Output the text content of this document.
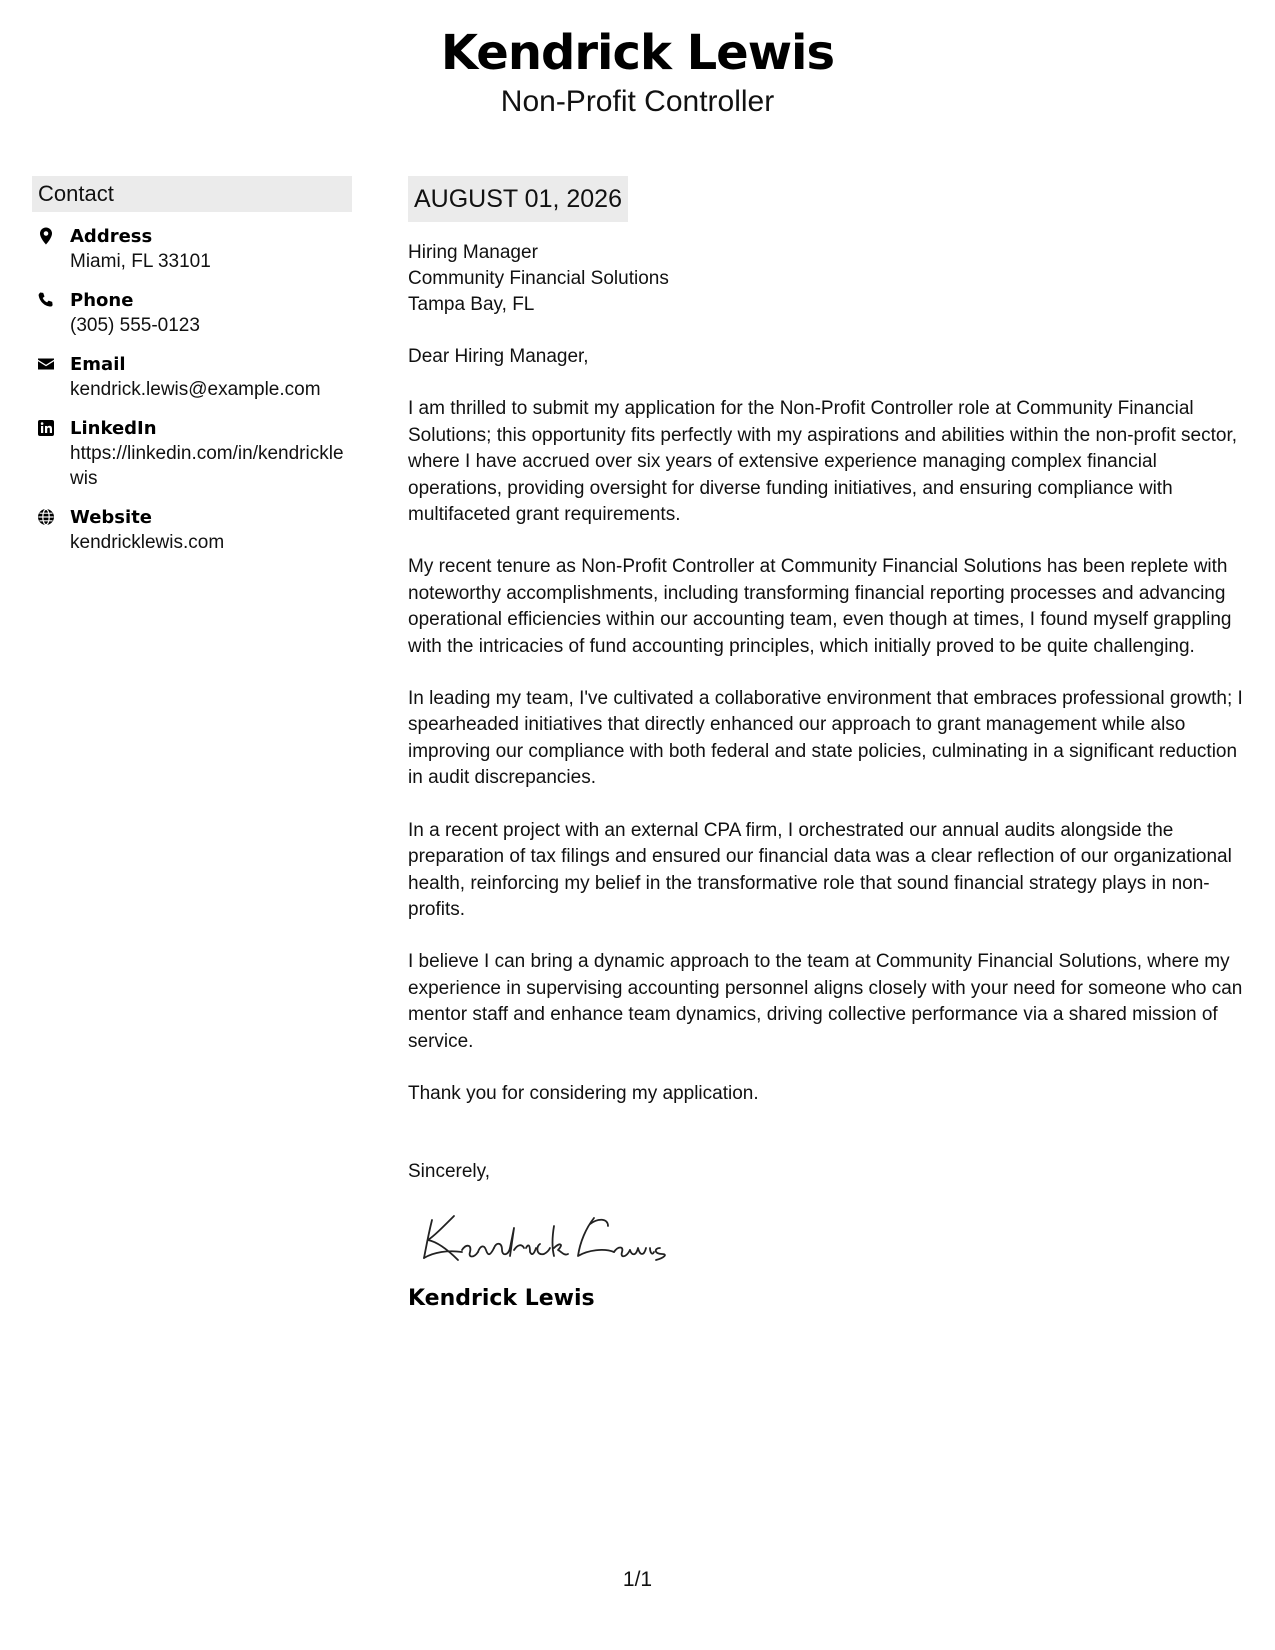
Kendrick Lewis

Non-Profit Controller

Contact
Address
Miami, FL 33101
Phone
(305) 555-0123
Email
kendrick.lewis@example.com
LinkedIn
https://linkedin.com/in/kendricklewis
Website
kendricklewis.com
AUGUST 01, 2026

Hiring Manager

Community Financial Solutions

Tampa Bay, FL

Dear Hiring Manager,

I am thrilled to submit my application for the Non-Profit Controller role at Community Financial Solutions; this opportunity fits perfectly with my aspirations and abilities within the non-profit sector, where I have accrued over six years of extensive experience managing complex financial operations, providing oversight for diverse funding initiatives, and ensuring compliance with multifaceted grant requirements.

My recent tenure as Non-Profit Controller at Community Financial Solutions has been replete with noteworthy accomplishments, including transforming financial reporting processes and advancing operational efficiencies within our accounting team, even though at times, I found myself grappling with the intricacies of fund accounting principles, which initially proved to be quite challenging.

In leading my team, I've cultivated a collaborative environment that embraces professional growth; I spearheaded initiatives that directly enhanced our approach to grant management while also improving our compliance with both federal and state policies, culminating in a significant reduction in audit discrepancies.

In a recent project with an external CPA firm, I orchestrated our annual audits alongside the preparation of tax filings and ensured our financial data was a clear reflection of our organizational health, reinforcing my belief in the transformative role that sound financial strategy plays in non-profits.

I believe I can bring a dynamic approach to the team at Community Financial Solutions, where my experience in supervising accounting personnel aligns closely with your need for someone who can mentor staff and enhance team dynamics, driving collective performance via a shared mission of service.

Thank you for considering my application.

Sincerely,

Kendrick Lewis

1/1
